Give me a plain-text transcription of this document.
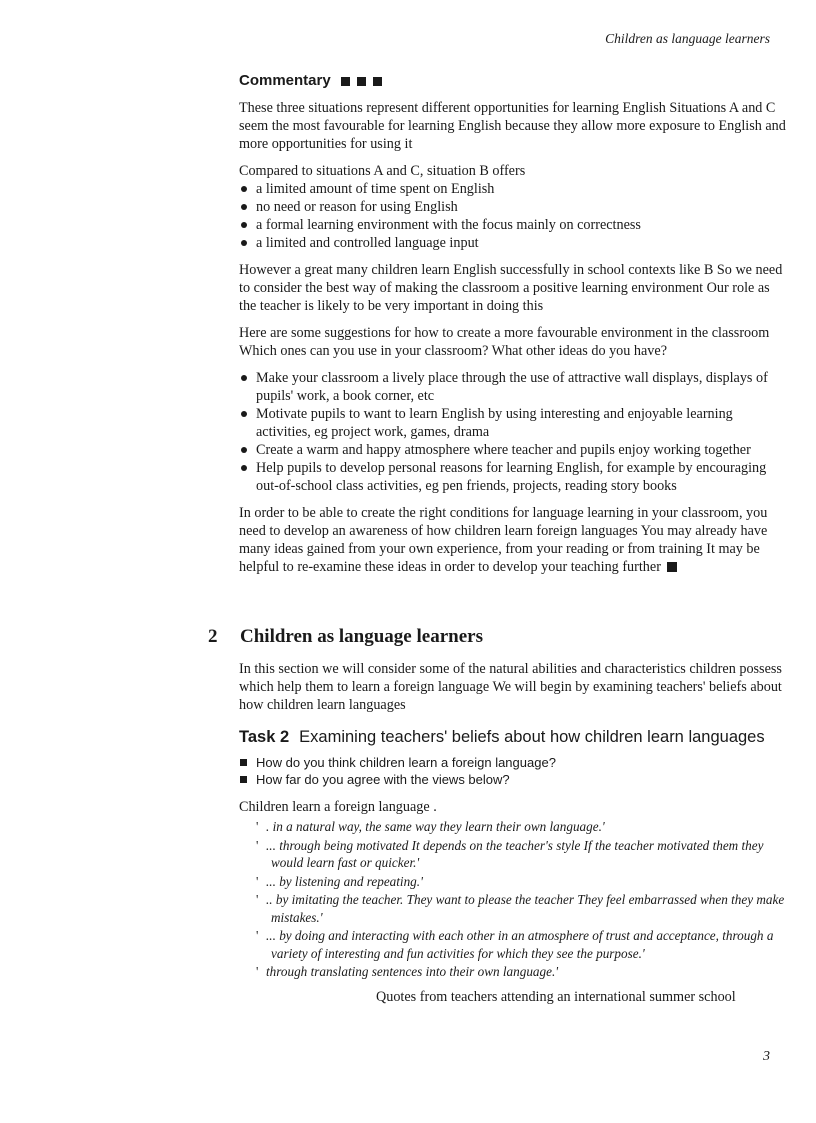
Children as language learners
Commentary

These three situations represent different opportunities for learning English Situations A and C seem the most favourable for learning English because they allow more exposure to English and more opportunities for using it

Compared to situations A and C, situation B offers

a limited amount of time spent on English
no need or reason for using English
a formal learning environment with the focus mainly on correctness
a limited and controlled language input

However a great many children learn English successfully in school contexts like B So we need to consider the best way of making the classroom a positive learning environment Our role as the teacher is likely to be very important in doing this

Here are some suggestions for how to create a more favourable environment in the classroom Which ones can you use in your classroom? What other ideas do you have?

Make your classroom a lively place through the use of attractive wall displays, displays of pupils' work, a book corner, etc
Motivate pupils to want to learn English by using interesting and enjoyable learning activities, eg project work, games, drama
Create a warm and happy atmosphere where teacher and pupils enjoy working together
Help pupils to develop personal reasons for learning English, for example by encouraging out-of-school class activities, eg pen friends, projects, reading story books

In order to be able to create the right conditions for language learning in your classroom, you need to develop an awareness of how children learn foreign languages You may already have many ideas gained from your own experience, from your reading or from training It may be helpful to re-examine these ideas in order to develop your teaching further

2 Children as language learners

In this section we will consider some of the natural abilities and characteristics children possess which help them to learn a foreign language We will begin by examining teachers' beliefs about how children learn languages

Task 2 Examining teachers' beliefs about how children learn languages
How do you think children learn a foreign language?
How far do you agree with the views below?

Children learn a foreign language .

' . in a natural way, the same way they learn their own language.'
' ... through being motivated It depends on the teacher's style If the teacher motivated them they would learn fast or quicker.'
' ... by listening and repeating.'
' .. by imitating the teacher. They want to please the teacher They feel embarrassed when they make mistakes.'
' ... by doing and interacting with each other in an atmosphere of trust and acceptance, through a variety of interesting and fun activities for which they see the purpose.'
' through translating sentences into their own language.'

Quotes from teachers attending an international summer school

3
